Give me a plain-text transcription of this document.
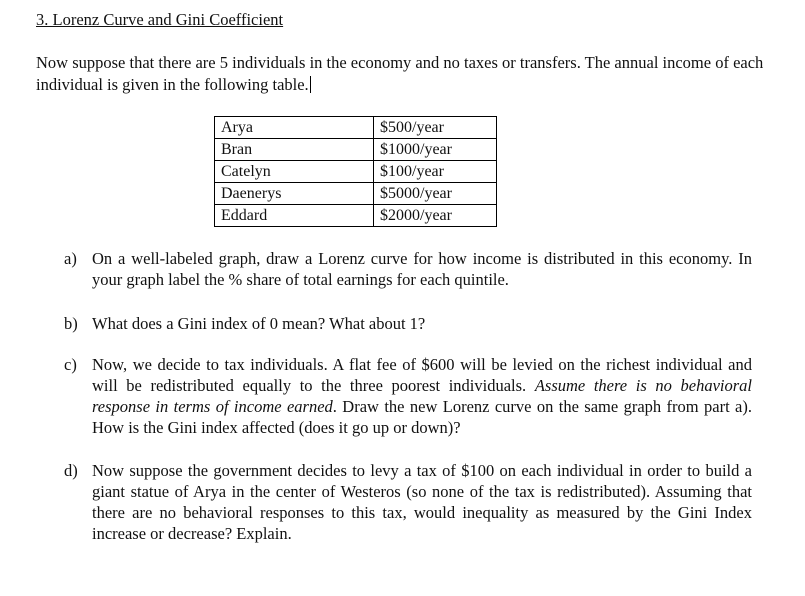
3. Lorenz Curve and Gini Coefficient
Now suppose that there are 5 individuals in the economy and no taxes or transfers. The annual income of each individual is given in the following table.
Arya	$500/year
Bran	$1000/year
Catelyn	$100/year
Daenerys	$5000/year
Eddard	$2000/year
a) On a well-labeled graph, draw a Lorenz curve for how income is distributed in this economy. In your graph label the % share of total earnings for each quintile.
b) What does a Gini index of 0 mean? What about 1?
c) Now, we decide to tax individuals. A flat fee of $600 will be levied on the richest individual and will be redistributed equally to the three poorest individuals. Assume there is no behavioral response in terms of income earned. Draw the new Lorenz curve on the same graph from part a). How is the Gini index affected (does it go up or down)?
d) Now suppose the government decides to levy a tax of $100 on each individual in order to build a giant statue of Arya in the center of Westeros (so none of the tax is redistributed). Assuming that there are no behavioral responses to this tax, would inequality as measured by the Gini Index increase or decrease? Explain.
